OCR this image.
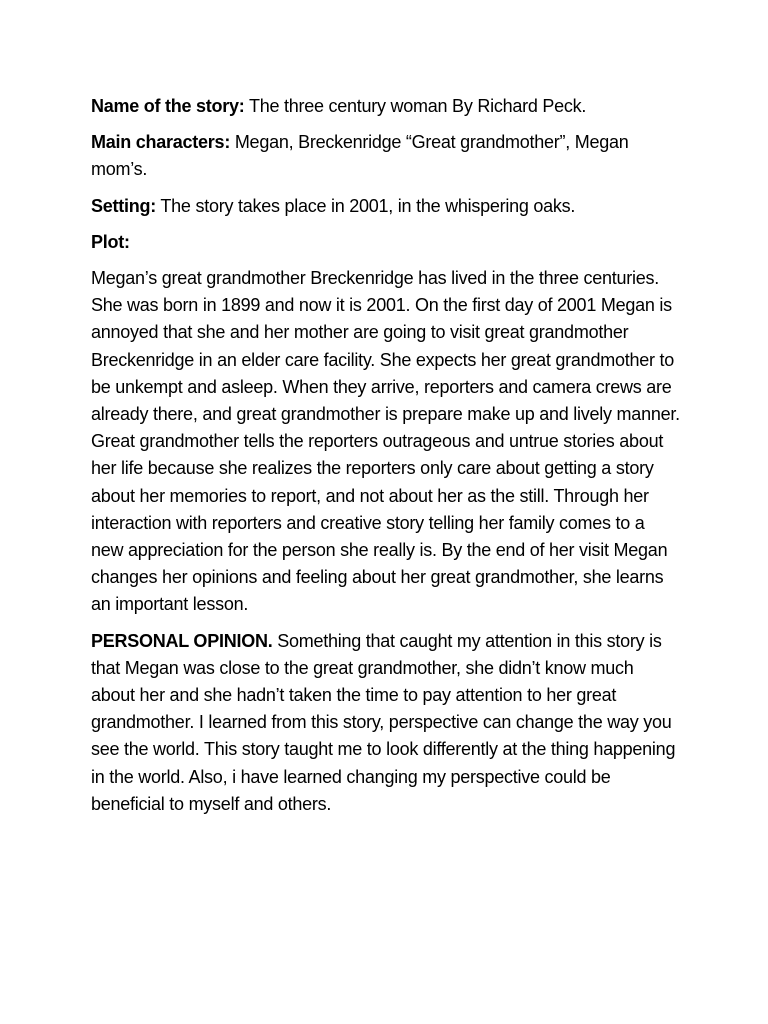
Name of the story: The three century woman By Richard Peck.

Main characters: Megan, Breckenridge “Great grandmother”, Megan mom’s.

Setting: The story takes place in 2001, in the whispering oaks.

Plot:

Megan’s great grandmother Breckenridge has lived in the three centuries. She was born in 1899 and now it is 2001. On the first day of 2001 Megan is annoyed that she and her mother are going to visit great grandmother Breckenridge in an elder care facility. She expects her great grandmother to be unkempt and asleep. When they arrive, reporters and camera crews are already there, and great grandmother is prepare make up and lively manner. Great grandmother tells the reporters outrageous and untrue stories about her life because she realizes the reporters only care about getting a story about her memories to report, and not about her as the still. Through her interaction with reporters and creative story telling her family comes to a new appreciation for the person she really is. By the end of her visit Megan changes her opinions and feeling about her great grandmother, she learns an important lesson.

PERSONAL OPINION. Something that caught my attention in this story is that Megan was close to the great grandmother, she didn’t know much about her and she hadn’t taken the time to pay attention to her great grandmother. I learned from this story, perspective can change the way you see the world. This story taught me to look differently at the thing happening in the world. Also, i have learned changing my perspective could be beneficial to myself and others.
